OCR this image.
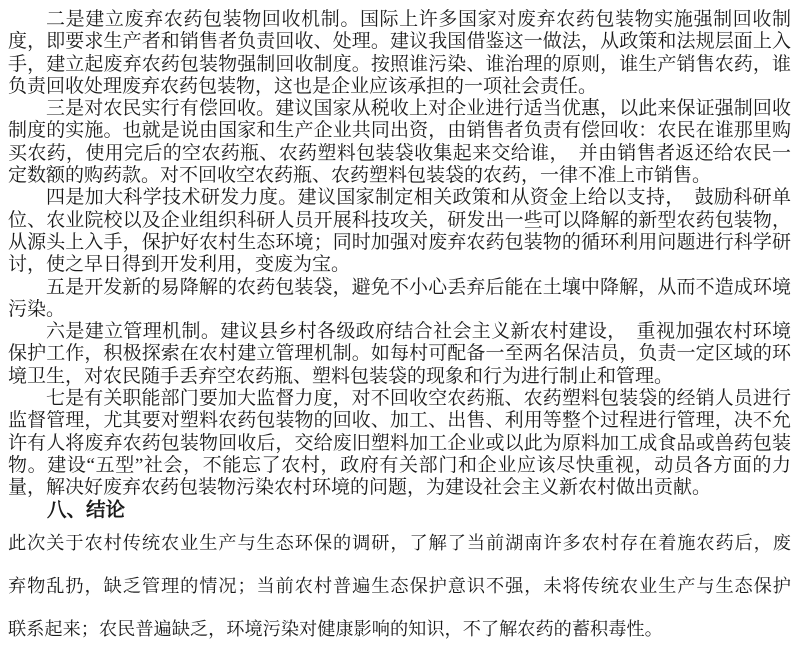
二是建立废弃农药包装物回收机制。国际上许多国家对废弃农药包装物实施强制回收制
度，即要求生产者和销售者负责回收、处理。建议我国借鉴这一做法，从政策和法规层面上入
手，建立起废弃农药包装物强制回收制度。按照谁污染、谁治理的原则，谁生产销售农药，谁
负责回收处理废弃农药包装物，这也是企业应该承担的一项社会责任。
三是对农民实行有偿回收。建议国家从税收上对企业进行适当优惠，以此来保证强制回收
制度的实施。也就是说由国家和生产企业共同出资，由销售者负责有偿回收：农民在谁那里购
买农药，使用完后的空农药瓶、农药塑料包装袋收集起来交给谁，　并由销售者返还给农民一
定数额的购药款。对不回收空农药瓶、农药塑料包装袋的农药，一律不准上市销售。
四是加大科学技术研发力度。建议国家制定相关政策和从资金上给以支持，　鼓励科研单
位、农业院校以及企业组织科研人员开展科技攻关，研发出一些可以降解的新型农药包装物，
从源头上入手，保护好农村生态环境；同时加强对废弃农药包装物的循环利用问题进行科学研
讨，使之早日得到开发利用，变废为宝。
五是开发新的易降解的农药包装袋，避免不小心丢弃后能在土壤中降解，从而不造成环境
污染。
六是建立管理机制。建议县乡村各级政府结合社会主义新农村建设，　重视加强农村环境
保护工作，积极探索在农村建立管理机制。如每村可配备一至两名保洁员，负责一定区域的环
境卫生，对农民随手丢弃空农药瓶、塑料包装袋的现象和行为进行制止和管理。
七是有关职能部门要加大监督力度，对不回收空农药瓶、农药塑料包装袋的经销人员进行
监督管理，尤其要对塑料农药包装物的回收、加工、出售、利用等整个过程进行管理，决不允
许有人将废弃农药包装物回收后，交给废旧塑料加工企业或以此为原料加工成食品或兽药包装
物。建设“五型”社会，不能忘了农村，政府有关部门和企业应该尽快重视，动员各方面的力
量，解决好废弃农药包装物污染农村环境的问题，为建设社会主义新农村做出贡献。
八、结论
此次关于农村传统农业生产与生态环保的调研，了解了当前湖南许多农村存在着施农药后，废
弃物乱扔，缺乏管理的情况；当前农村普遍生态保护意识不强，未将传统农业生产与生态保护
联系起来；农民普遍缺乏，环境污染对健康影响的知识，不了解农药的蓄积毒性。
